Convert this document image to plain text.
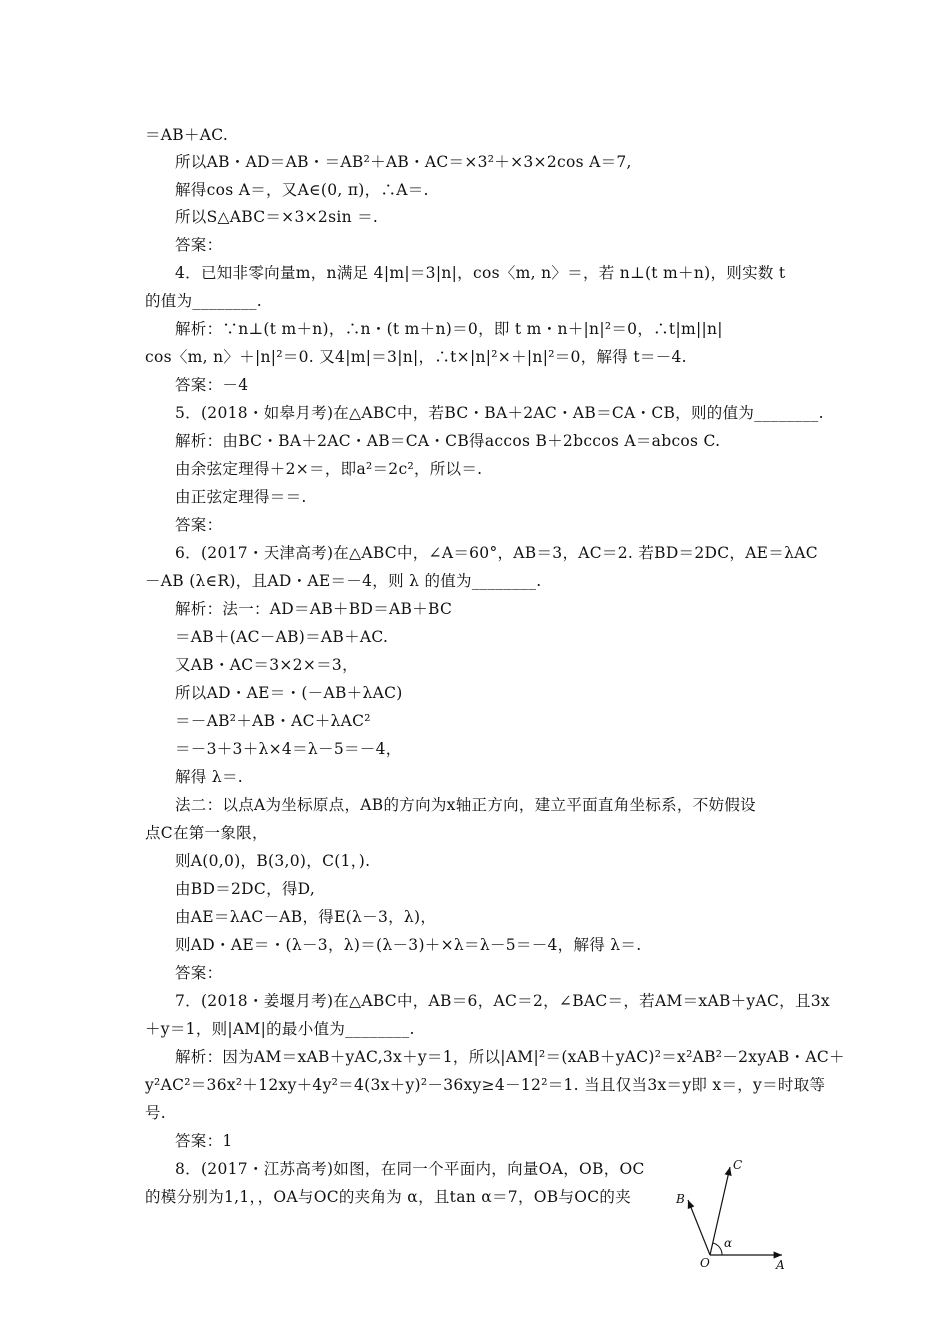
＝AB＋AC.
所以AB・AD＝AB・＝AB²＋AB・AC＝×3²＋×3×2cos A＝7,
解得cos A＝，又A∈(0, π)，∴A＝.
所以S△ABC＝×3×2sin ＝.
答案：
4．已知非零向量m，n满足 4|m|＝3|n|，cos〈m, n〉＝，若 n⊥(t m＋n)，则实数 t
的值为________.
解析：∵n⊥(t m＋n)，∴n・(t m＋n)＝0，即 t m・n＋|n|²＝0，∴t|m||n|
cos〈m, n〉＋|n|²＝0. 又4|m|＝3|n|，∴t×|n|²×＋|n|²＝0，解得 t＝－4.
答案：－4
5．(2018・如皋月考)在△ABC中，若BC・BA＋2AC・AB＝CA・CB，则的值为________.
解析：由BC・BA＋2AC・AB＝CA・CB得accos B＋2bccos A＝abcos C.
由余弦定理得＋2×＝，即a²＝2c²，所以＝.
由正弦定理得＝＝.
答案：
6．(2017・天津高考)在△ABC中，∠A＝60°，AB＝3，AC＝2. 若BD＝2DC，AE＝λAC
－AB (λ∈R)，且AD・AE＝－4，则 λ 的值为________.
解析：法一：AD＝AB＋BD＝AB＋BC
＝AB＋(AC－AB)＝AB＋AC.
又AB・AC＝3×2×＝3，
所以AD・AE＝・(－AB＋λAC)
＝－AB²＋AB・AC＋λAC²
＝－3＋3＋λ×4＝λ－5＝－4，
解得 λ＝.
法二：以点A为坐标原点，AB的方向为x轴正方向，建立平面直角坐标系，不妨假设
点C在第一象限，
则A(0,0)，B(3,0)，C(1，).
由BD＝2DC，得D,
由AE＝λAC－AB，得E(λ－3，λ)，
则AD・AE＝・(λ－3，λ)＝(λ－3)＋×λ＝λ－5＝－4，解得 λ＝.
答案：
7．(2018・姜堰月考)在△ABC中，AB＝6，AC＝2，∠BAC＝，若AM＝xAB＋yAC，且3x
＋y＝1，则|AM|的最小值为________.
解析：因为AM＝xAB＋yAC,3x＋y＝1，所以|AM|²＝(xAB＋yAC)²＝x²AB²－2xyAB・AC＋
y²AC²＝36x²＋12xy＋4y²＝4(3x＋y)²－36xy≥4－12²＝1. 当且仅当3x＝y即 x＝，y＝时取等
号.
答案：1
8．(2017・江苏高考)如图，在同一个平面内，向量OA，OB，OC
的模分别为1,1，，OA与OC的夹角为 α，且tan α＝7，OB与OC的夹
O	A
B
C
α
